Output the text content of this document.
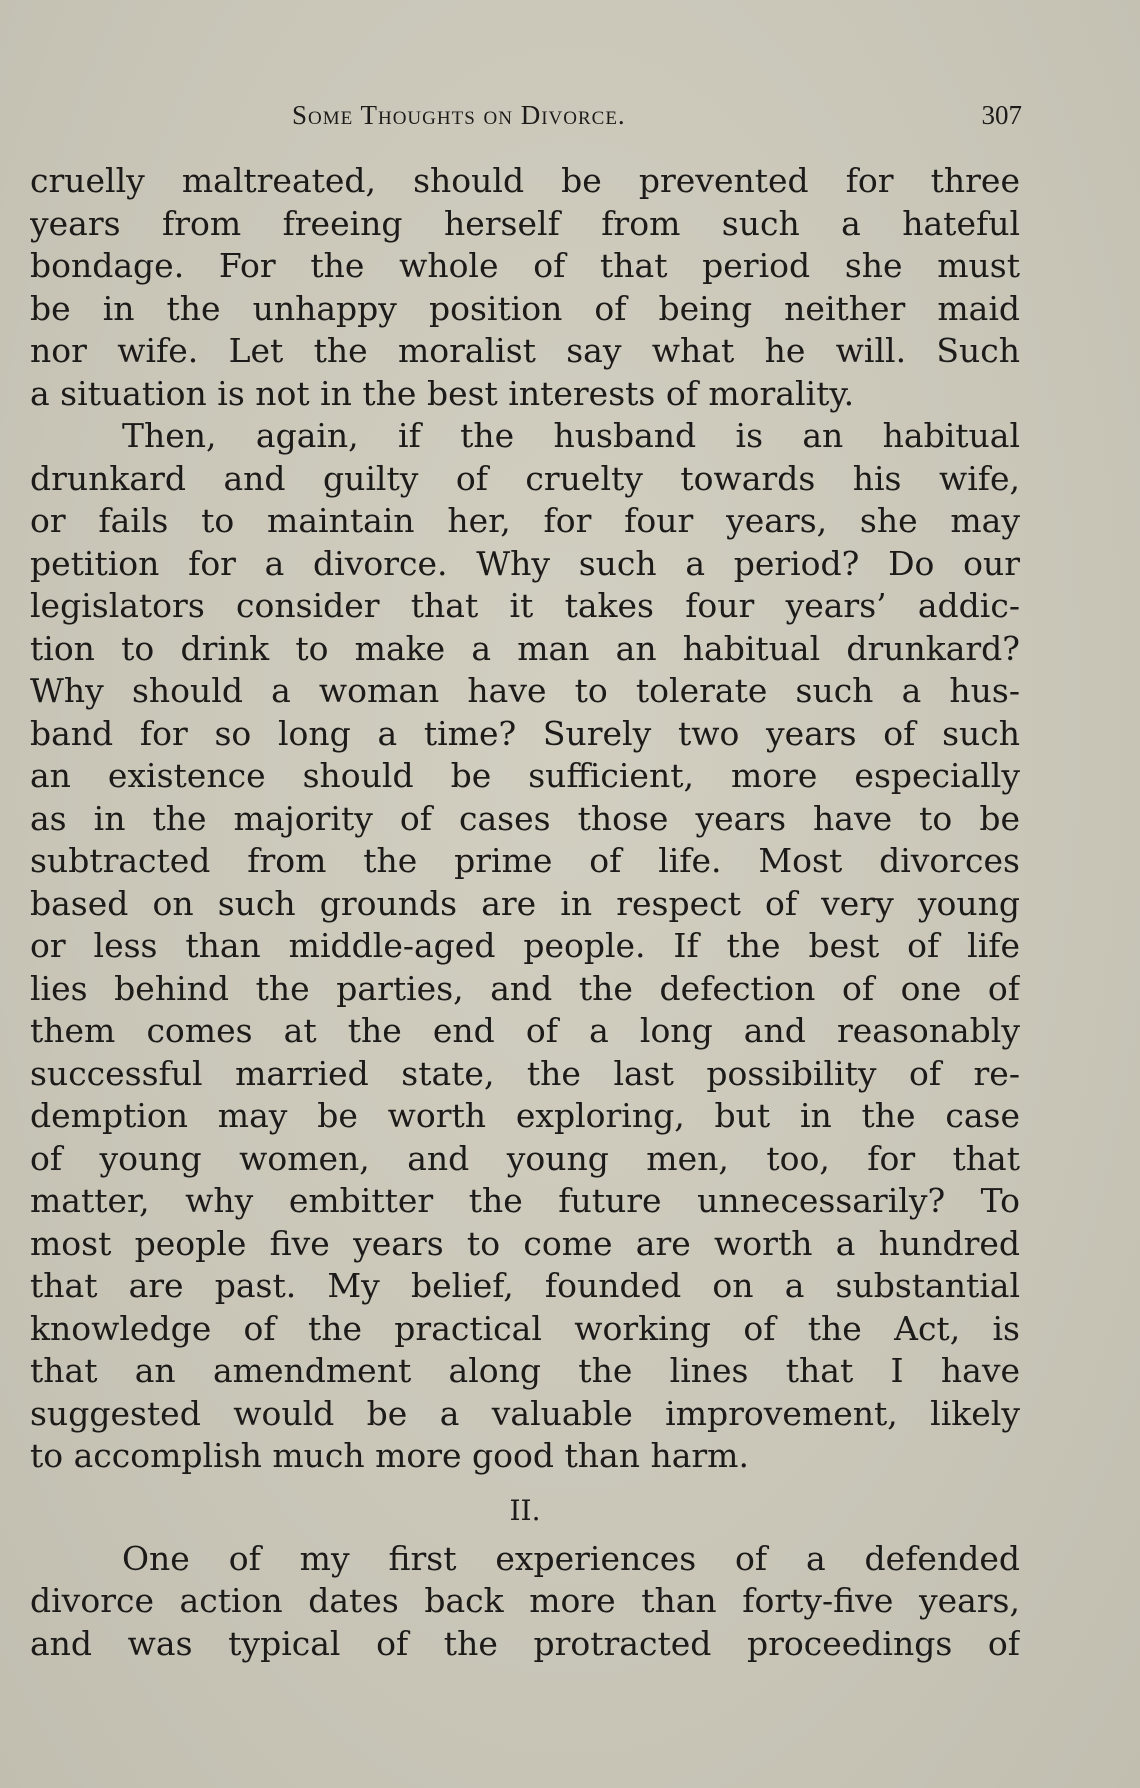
Some Thoughts on Divorce.	307

cruelly maltreated, should be prevented for three
years from freeing herself from such a hateful
bondage. For the whole of that period she must
be in the unhappy position of being neither maid
nor wife. Let the moralist say what he will. Such
a situation is not in the best interests of morality.

Then, again, if the husband is an habitual
drunkard and guilty of cruelty towards his wife,
or fails to maintain her, for four years, she may
petition for a divorce. Why such a period? Do our
legislators consider that it takes four years’ addic-
tion to drink to make a man an habitual drunkard?
Why should a woman have to tolerate such a hus-
band for so long a time? Surely two years of such
an existence should be sufficient, more especially
as in the majority of cases those years have to be
subtracted from the prime of life. Most divorces
based on such grounds are in respect of very young
or less than middle-aged people. If the best of life
lies behind the parties, and the defection of one of
them comes at the end of a long and reasonably
successful married state, the last possibility of re-
demption may be worth exploring, but in the case
of young women, and young men, too, for that
matter, why embitter the future unnecessarily? To
most people five years to come are worth a hundred
that are past. My belief, founded on a substantial
knowledge of the practical working of the Act, is
that an amendment along the lines that I have
suggested would be a valuable improvement, likely
to accomplish much more good than harm.

II.

One of my first experiences of a defended
divorce action dates back more than forty-five years,
and was typical of the protracted proceedings of
